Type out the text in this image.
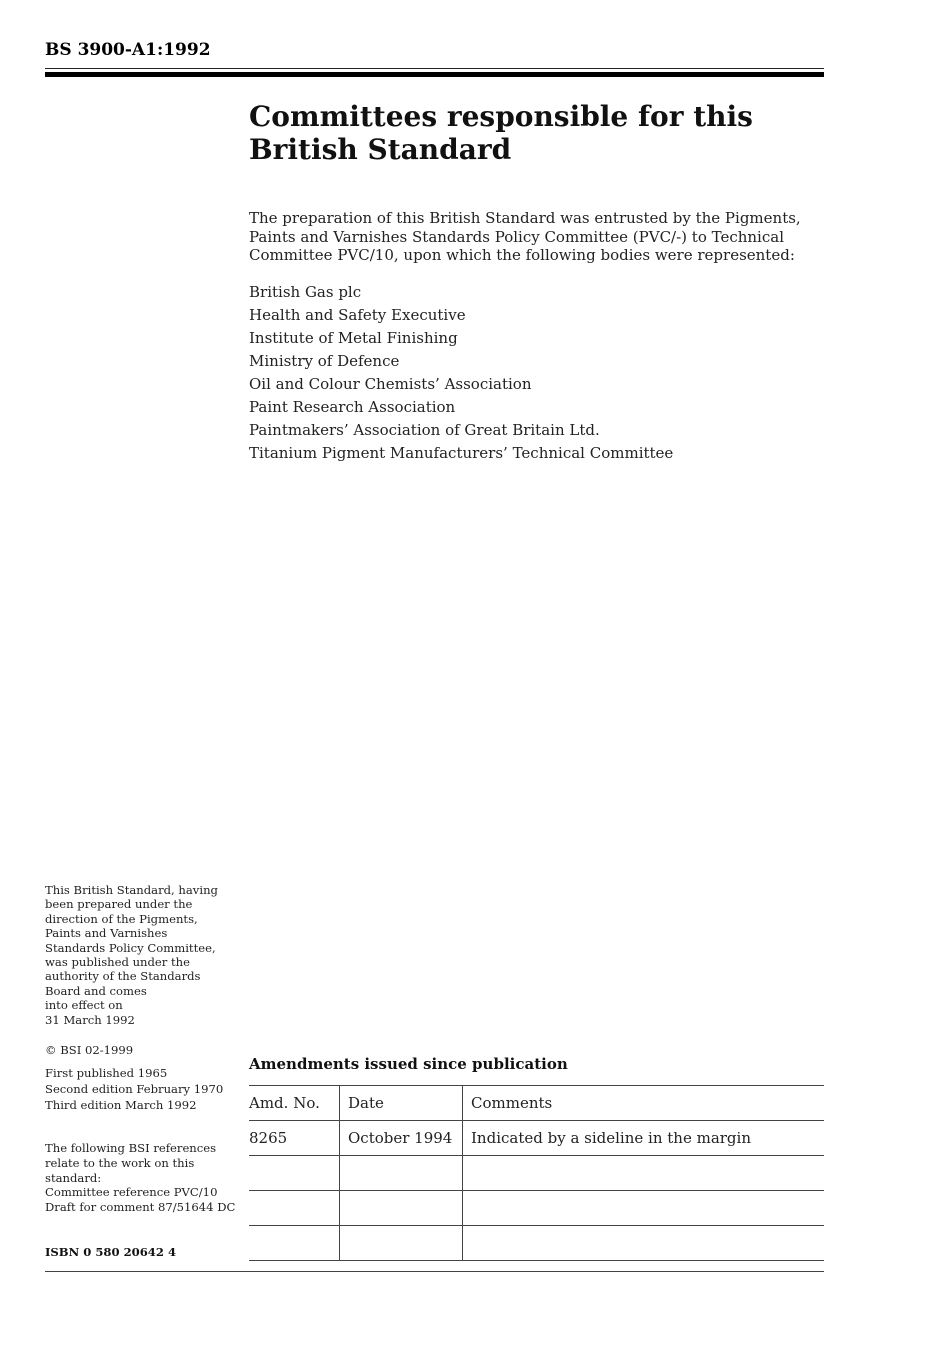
BS 3900-A1:1992
Committees responsible for this
British Standard
The preparation of this British Standard was entrusted by the Pigments,
Paints and Varnishes Standards Policy Committee (PVC/-) to Technical
Committee PVC/10, upon which the following bodies were represented:
British Gas plc
Health and Safety Executive
Institute of Metal Finishing
Ministry of Defence
Oil and Colour Chemists’ Association
Paint Research Association
Paintmakers’ Association of Great Britain Ltd.
Titanium Pigment Manufacturers’ Technical Committee
This British Standard, having
been prepared under the
direction of the Pigments,
Paints and Varnishes
Standards Policy Committee,
was published under the
authority of the Standards
Board and comes
into effect on
31 March 1992
© BSI 02-1999
First published 1965
Second edition February 1970
Third edition March 1992
The following BSI references
relate to the work on this
standard:
Committee reference PVC/10
Draft for comment 87/51644 DC
ISBN 0 580 20642 4
Amendments issued since publication
Amd. No.	Date	Comments
8265	October 1994	Indicated by a sideline in the margin
